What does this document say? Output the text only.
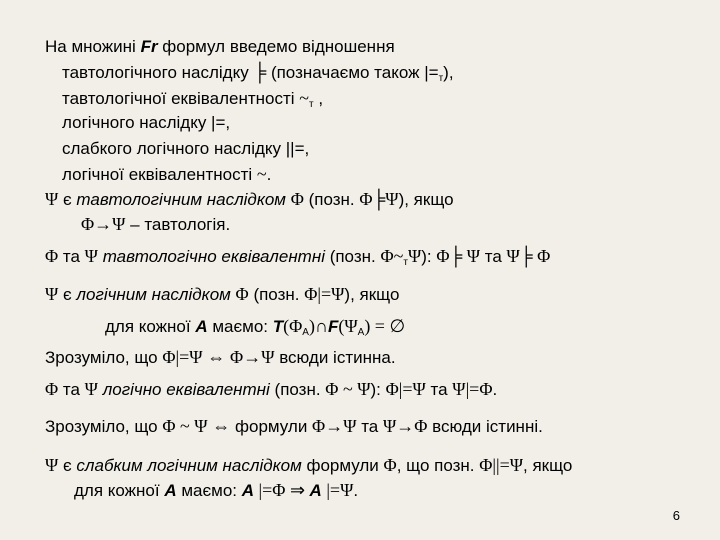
На множині Fr формул введемо відношення
тавтологічного наслідку ╞ (позначаємо також $|=_т$),
тавтологічної еквівалентності $\sim_т$ ,
логічного наслідку |=,
слабкого логічного наслідку ||=,
логічної еквівалентності ~.
Ψ є тавтологічним наслідком Φ (позн. Φ╞Ψ), якщо
Φ→Ψ – тавтологія.
Φ та Ψ тавтологічно еквівалентні (позн. $\Phi\sim_т\Psi$): Φ╞ Ψ та Ψ╞ Φ
Ψ є логічним наслідком Φ (позн. Φ|=Ψ), якщо
для кожної A маємо: $T(\Phi_A)\cap F(\Psi_A)$ = ∅
Зрозуміло, що Φ|=Ψ ⇔ Φ→Ψ всюди істинна.
Φ та Ψ логічно еквівалентні (позн. Φ ~ Ψ): Φ|=Ψ та Ψ|=Φ.
Зрозуміло, що Φ ~ Ψ ⇔ формули Φ→Ψ та Ψ→Φ всюди істинні.
Ψ є слабким логічним наслідком формули Φ, що позн. Φ||=Ψ, якщо
для кожної A маємо: A |=Φ ⇒ A |=Ψ.
6
